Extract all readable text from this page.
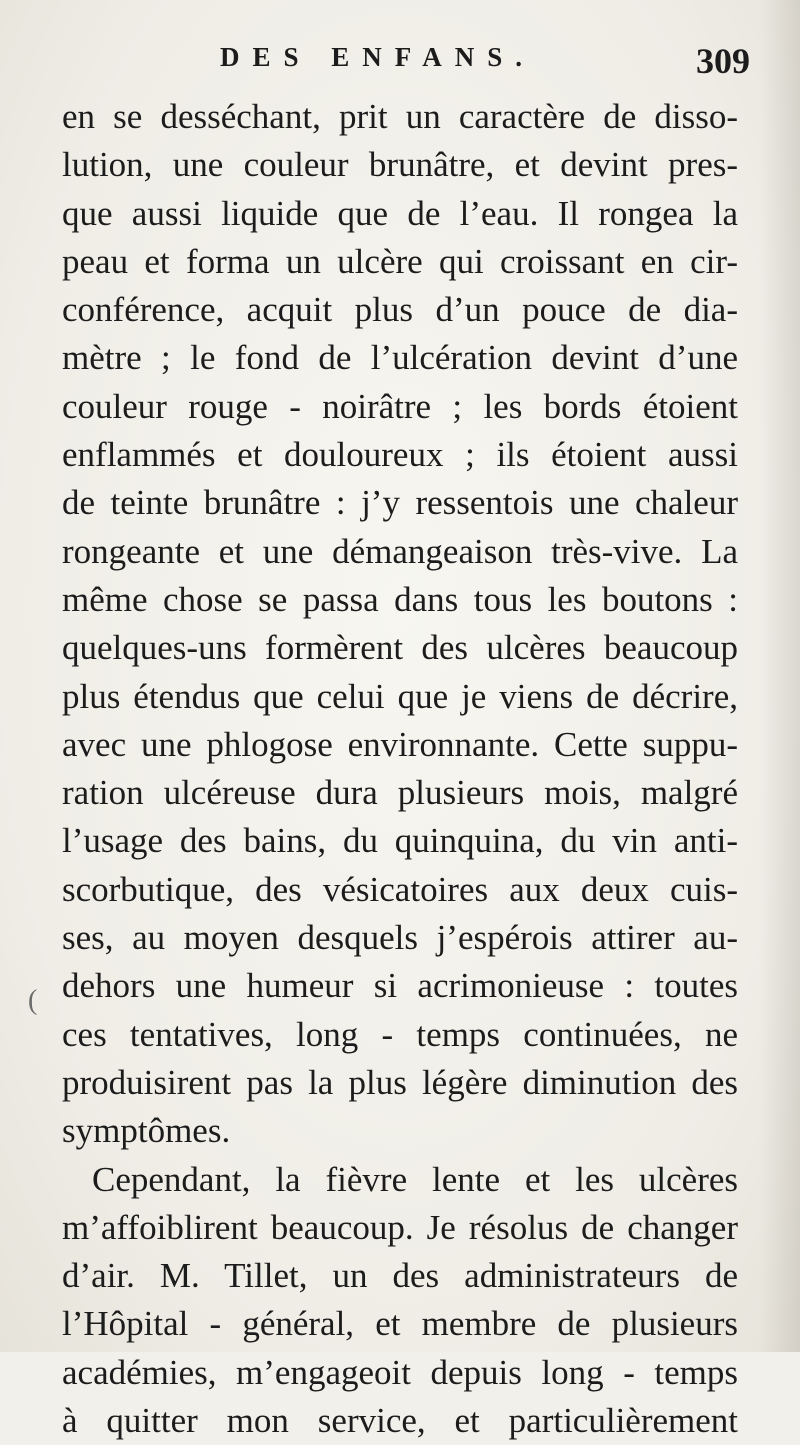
DES ENFANS.	309
(
en se desséchant, prit un caractère de disso-
lution, une couleur brunâtre, et devint pres-
que aussi liquide que de l’eau. Il rongea la
peau et forma un ulcère qui croissant en cir-
conférence, acquit plus d’un pouce de dia-
mètre ; le fond de l’ulcération devint d’une
couleur rouge - noirâtre ; les bords étoient
enflammés et douloureux ; ils étoient aussi
de teinte brunâtre : j’y ressentois une chaleur
rongeante et une démangeaison très-vive. La
même chose se passa dans tous les boutons :
quelques-uns formèrent des ulcères beaucoup
plus étendus que celui que je viens de décrire,
avec une phlogose environnante. Cette suppu-
ration ulcéreuse dura plusieurs mois, malgré
l’usage des bains, du quinquina, du vin anti-
scorbutique, des vésicatoires aux deux cuis-
ses, au moyen desquels j’espérois attirer au-
dehors une humeur si acrimonieuse : toutes
ces tentatives, long - temps continuées, ne
produisirent pas la plus légère diminution des
symptômes.
Cependant, la fièvre lente et les ulcères
m’affoiblirent beaucoup. Je résolus de changer
d’air. M. Tillet, un des administrateurs de
l’Hôpital - général, et membre de plusieurs
académies, m’engageoit depuis long - temps
à quitter mon service, et particulièrement
